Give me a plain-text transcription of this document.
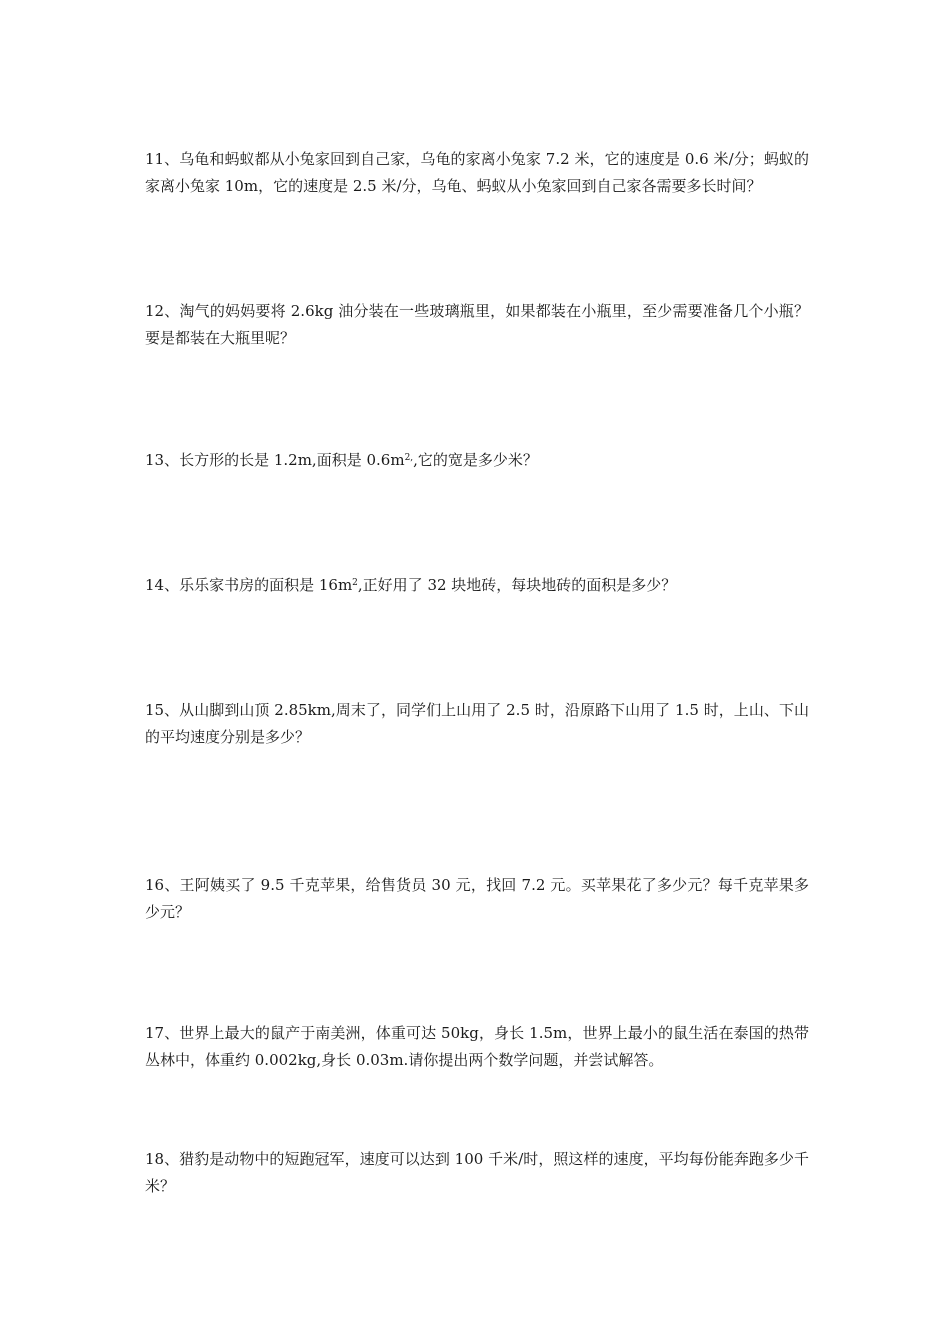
11、乌龟和蚂蚁都从小兔家回到自己家，乌龟的家离小兔家 7.2 米，它的速度是 0.6 米/分；蚂蚁的家离小兔家 10m，它的速度是 2.5 米/分，乌龟、蚂蚁从小兔家回到自己家各需要多长时间？

12、淘气的妈妈要将 2.6kg 油分装在一些玻璃瓶里，如果都装在小瓶里，至少需要准备几个小瓶？要是都装在大瓶里呢？

13、长方形的长是 1.2m,面积是 $0.6m^{2,}$,它的宽是多少米？

14、乐乐家书房的面积是 $16m^2$,正好用了 32 块地砖，每块地砖的面积是多少？

15、从山脚到山顶 2.85km,周末了，同学们上山用了 2.5 时，沿原路下山用了 1.5 时，上山、下山的平均速度分别是多少？

16、王阿姨买了 9.5 千克苹果，给售货员 30 元，找回 7.2 元。买苹果花了多少元？每千克苹果多少元？

17、世界上最大的鼠产于南美洲，体重可达 50kg，身长 1.5m，世界上最小的鼠生活在泰国的热带丛林中，体重约 0.002kg,身长 0.03m.请你提出两个数学问题，并尝试解答。

18、猎豹是动物中的短跑冠军，速度可以达到 100 千米/时，照这样的速度，平均每份能奔跑多少千米？
